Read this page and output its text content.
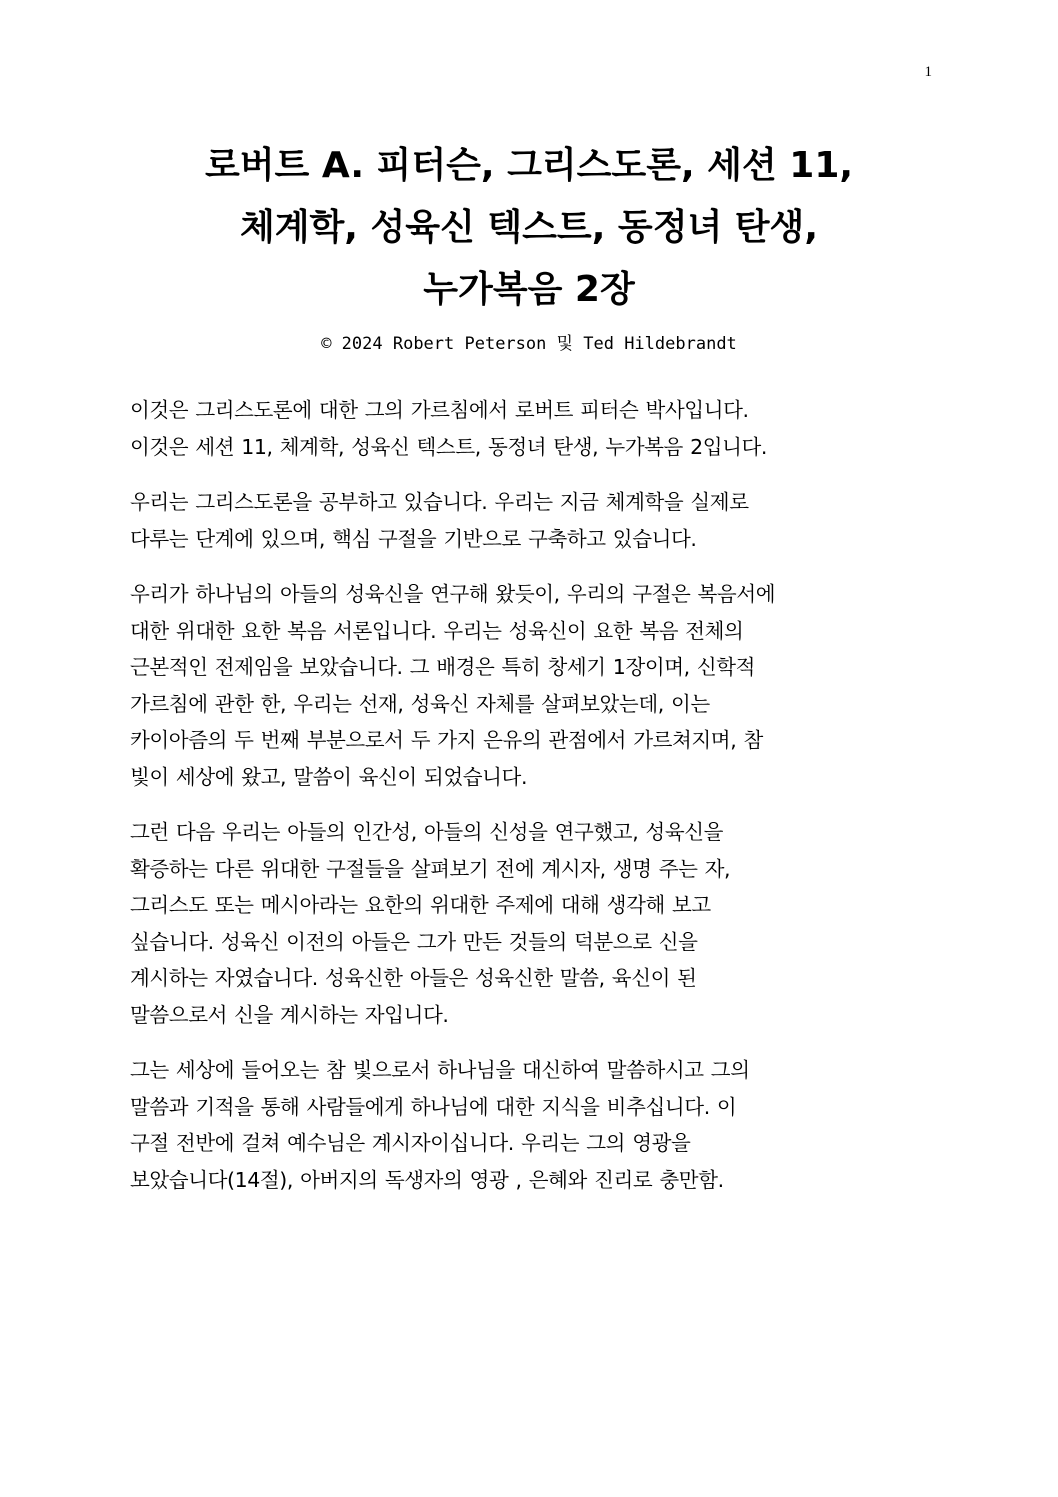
1
로버트 A. 피터슨, 그리스도론, 세션 11,
체계학, 성육신 텍스트, 동정녀 탄생,
누가복음 2장
© 2024 Robert Peterson 및 Ted Hildebrandt

이것은 그리스도론에 대한 그의 가르침에서 로버트 피터슨 박사입니다.
이것은 세션 11, 체계학, 성육신 텍스트, 동정녀 탄생, 누가복음 2입니다.

우리는 그리스도론을 공부하고 있습니다. 우리는 지금 체계학을 실제로
다루는 단계에 있으며, 핵심 구절을 기반으로 구축하고 있습니다.

우리가 하나님의 아들의 성육신을 연구해 왔듯이, 우리의 구절은 복음서에
대한 위대한 요한 복음 서론입니다. 우리는 성육신이 요한 복음 전체의
근본적인 전제임을 보았습니다. 그 배경은 특히 창세기 1장이며, 신학적
가르침에 관한 한, 우리는 선재, 성육신 자체를 살펴보았는데, 이는
카이아즘의 두 번째 부분으로서 두 가지 은유의 관점에서 가르쳐지며, 참
빛이 세상에 왔고, 말씀이 육신이 되었습니다.

그런 다음 우리는 아들의 인간성, 아들의 신성을 연구했고, 성육신을
확증하는 다른 위대한 구절들을 살펴보기 전에 계시자, 생명 주는 자,
그리스도 또는 메시아라는 요한의 위대한 주제에 대해 생각해 보고
싶습니다. 성육신 이전의 아들은 그가 만든 것들의 덕분으로 신을
계시하는 자였습니다. 성육신한 아들은 성육신한 말씀, 육신이 된
말씀으로서 신을 계시하는 자입니다.

그는 세상에 들어오는 참 빛으로서 하나님을 대신하여 말씀하시고 그의
말씀과 기적을 통해 사람들에게 하나님에 대한 지식을 비추십니다. 이
구절 전반에 걸쳐 예수님은 계시자이십니다. 우리는 그의 영광을
보았습니다(14절), 아버지의 독생자의 영광 , 은혜와 진리로 충만함.
